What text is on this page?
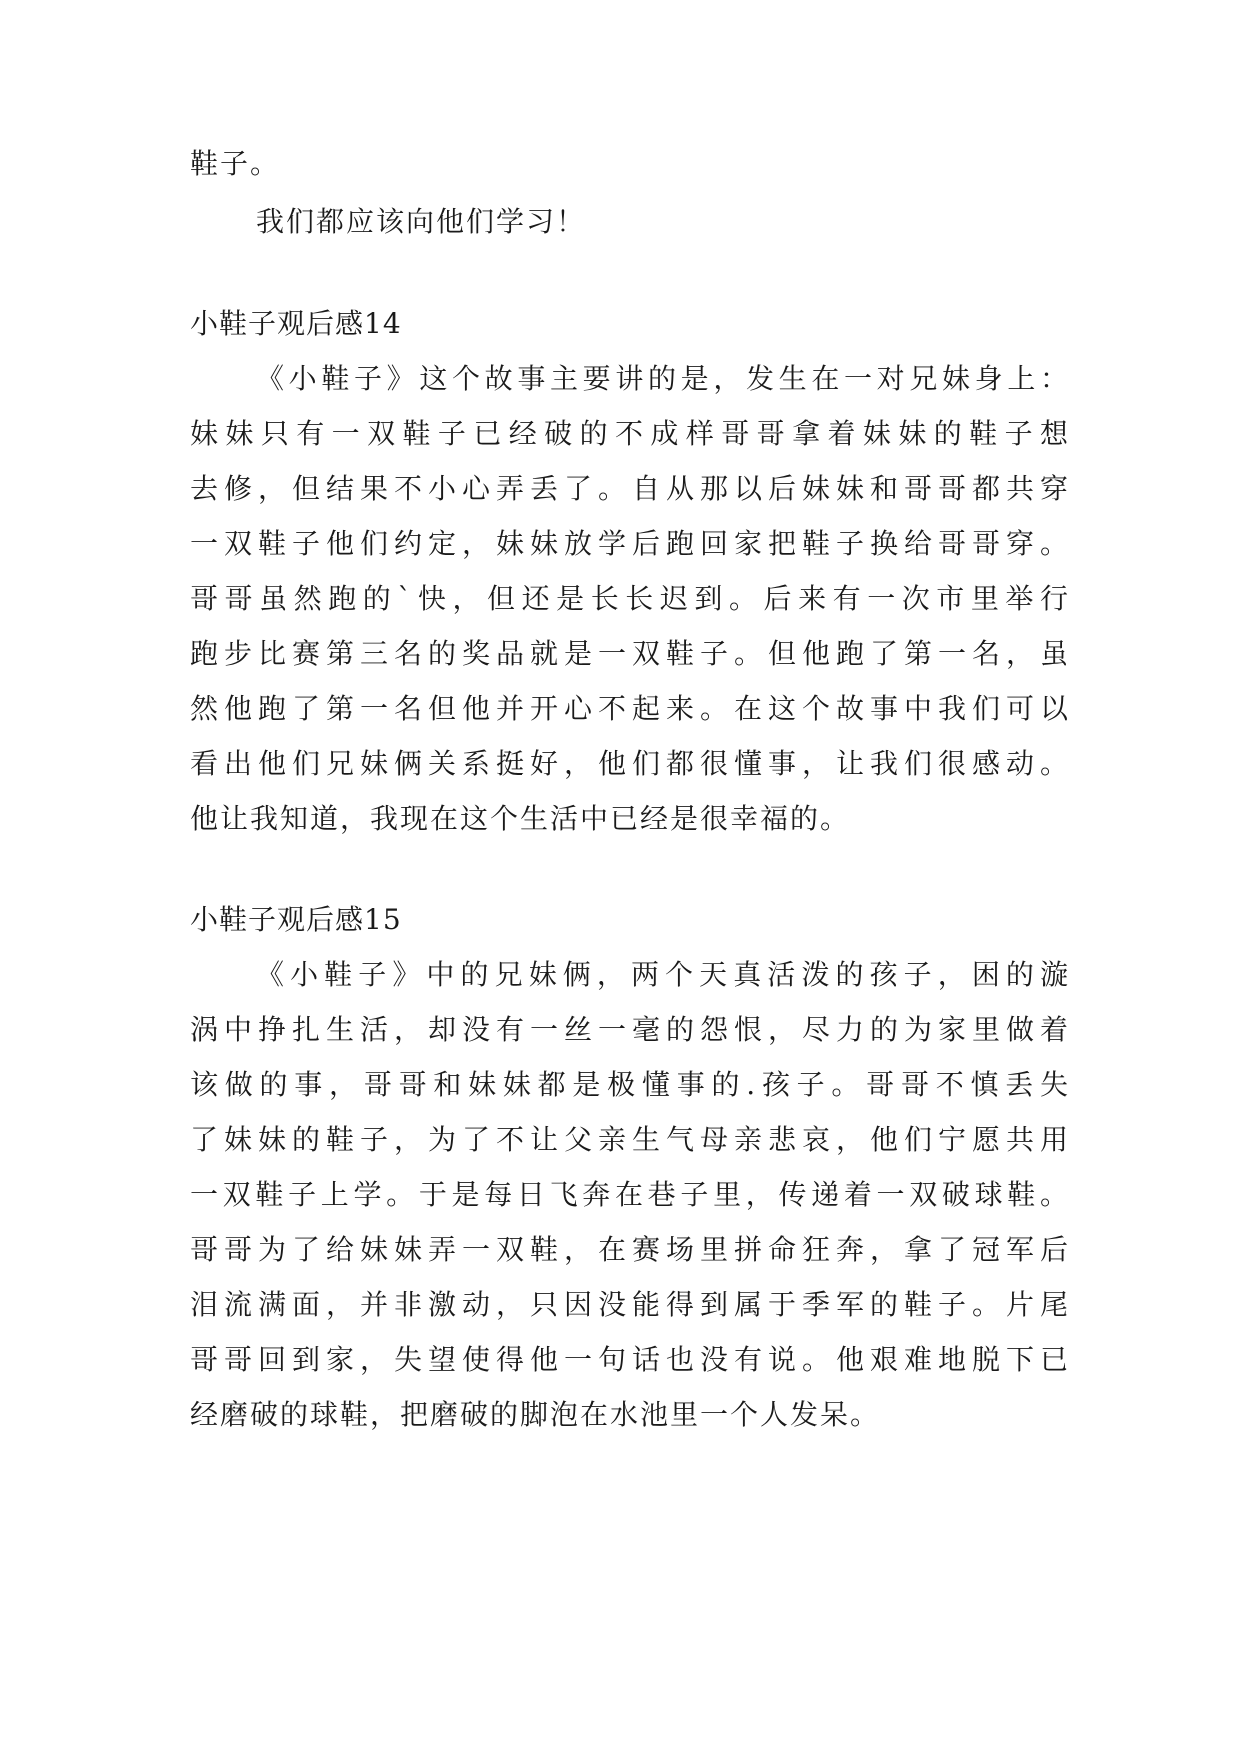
鞋子。
我们都应该向他们学习！
小鞋子观后感14
《小鞋子》这个故事主要讲的是，发生在一对兄妹身上：
妹妹只有一双鞋子已经破的不成样哥哥拿着妹妹的鞋子想
去修，但结果不小心弄丢了。自从那以后妹妹和哥哥都共穿
一双鞋子他们约定，妹妹放学后跑回家把鞋子换给哥哥穿。
哥哥虽然跑的`快，但还是长长迟到。后来有一次市里举行
跑步比赛第三名的奖品就是一双鞋子。但他跑了第一名，虽
然他跑了第一名但他并开心不起来。在这个故事中我们可以
看出他们兄妹俩关系挺好，他们都很懂事，让我们很感动。
他让我知道，我现在这个生活中已经是很幸福的。
小鞋子观后感15
《小鞋子》中的兄妹俩，两个天真活泼的孩子，困的漩
涡中挣扎生活，却没有一丝一毫的怨恨，尽力的为家里做着
该做的事，哥哥和妹妹都是极懂事的.孩子。哥哥不慎丢失
了妹妹的鞋子，为了不让父亲生气母亲悲哀，他们宁愿共用
一双鞋子上学。于是每日飞奔在巷子里，传递着一双破球鞋。
哥哥为了给妹妹弄一双鞋，在赛场里拼命狂奔，拿了冠军后
泪流满面，并非激动，只因没能得到属于季军的鞋子。片尾
哥哥回到家，失望使得他一句话也没有说。他艰难地脱下已
经磨破的球鞋，把磨破的脚泡在水池里一个人发呆。
